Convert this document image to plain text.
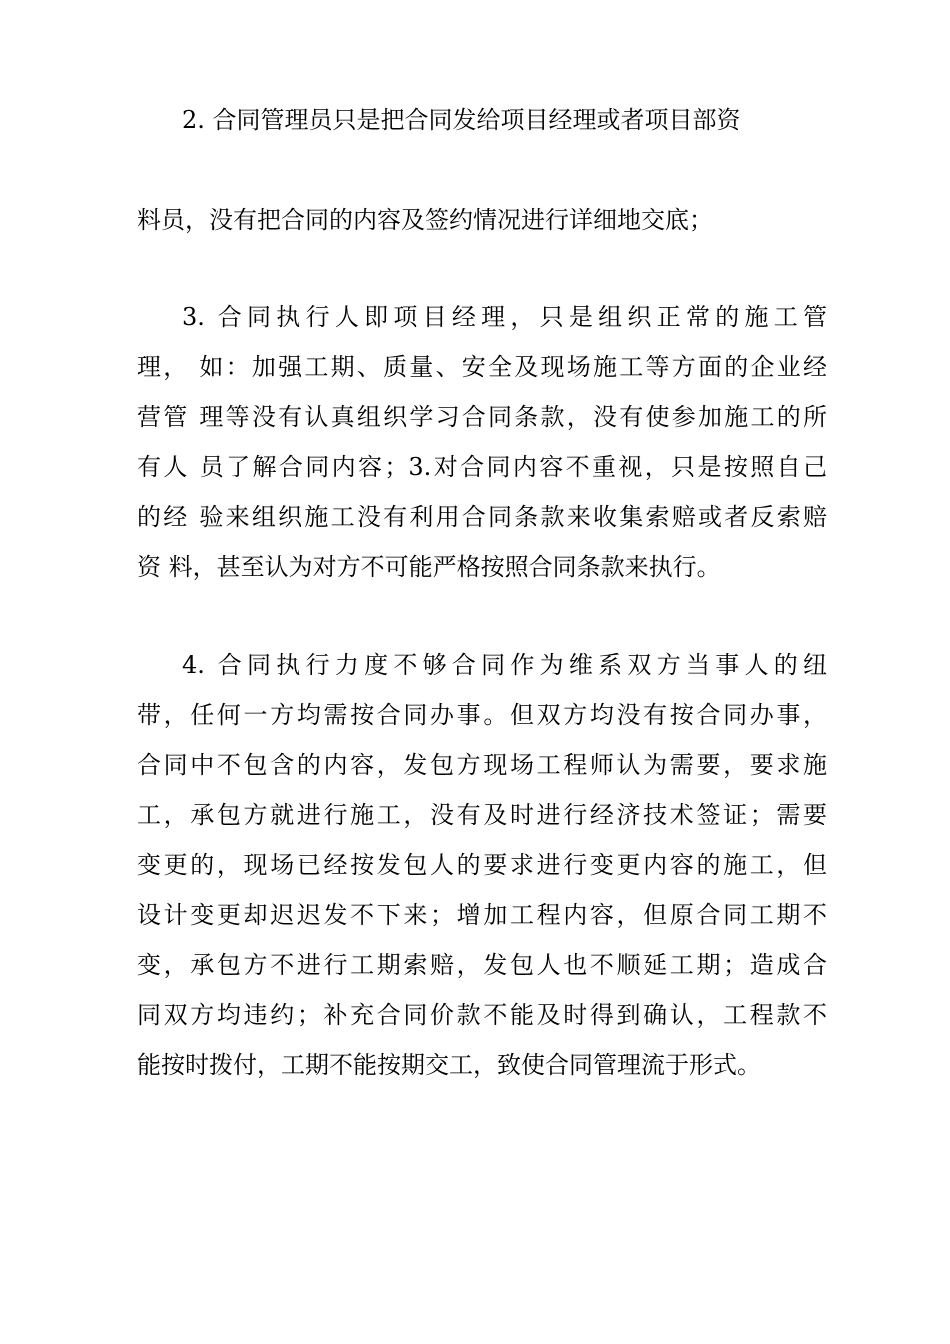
2. 合同管理员只是把合同发给项目经理或者项目部资
料员，没有把合同的内容及签约情况进行详细地交底；
3. 合同执行人即项目经理，只是组织正常的施工管
理， 如：加强工期、质量、安全及现场施工等方面的企业经
营管 理等没有认真组织学习合同条款，没有使参加施工的所
有人 员了解合同内容；3.对合同内容不重视，只是按照自己
的经 验来组织施工没有利用合同条款来收集索赔或者反索赔
资 料，甚至认为对方不可能严格按照合同条款来执行。
4. 合同执行力度不够合同作为维系双方当事人的纽
带，任何一方均需按合同办事。但双方均没有按合同办事，
合同中不包含的内容，发包方现场工程师认为需要，要求施
工，承包方就进行施工，没有及时进行经济技术签证；需要
变更的，现场已经按发包人的要求进行变更内容的施工，但
设计变更却迟迟发不下来；增加工程内容，但原合同工期不
变，承包方不进行工期索赔，发包人也不顺延工期；造成合
同双方均违约；补充合同价款不能及时得到确认，工程款不
能按时拨付，工期不能按期交工，致使合同管理流于形式。
